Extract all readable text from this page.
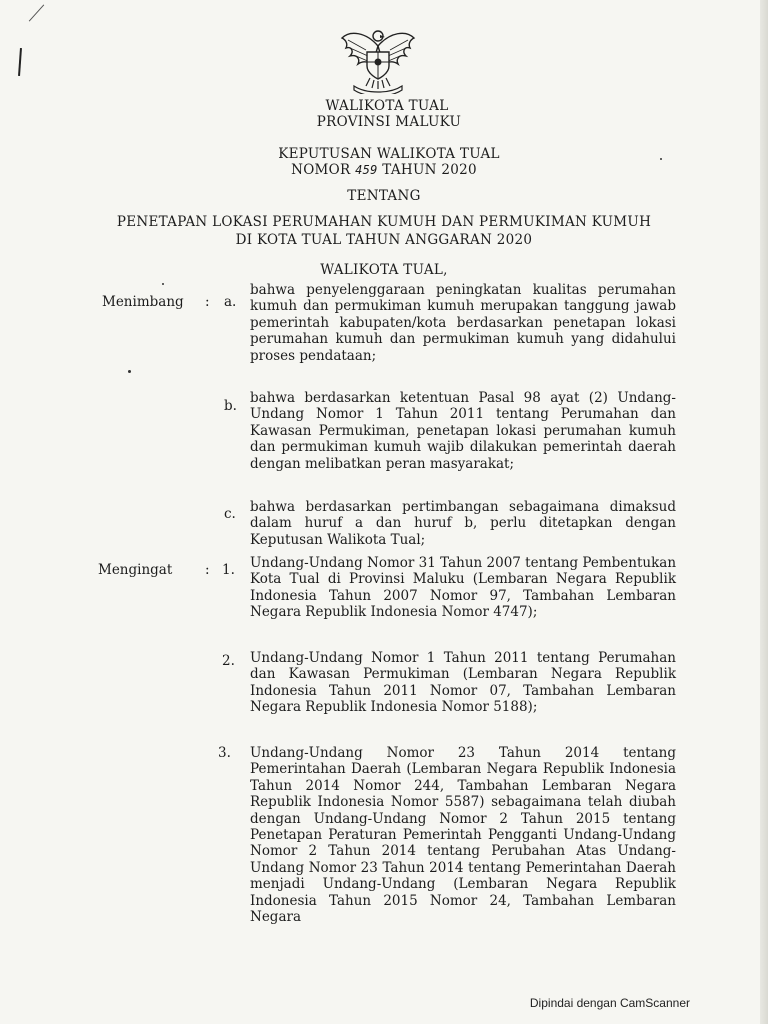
WALIKOTA TUAL
PROVINSI MALUKU
KEPUTUSAN WALIKOTA TUAL
NOMOR 459 TAHUN 2020
TENTANG
PENETAPAN LOKASI PERUMAHAN KUMUH DAN PERMUKIMAN KUMUH
DI KOTA TUAL TAHUN ANGGARAN 2020
WALIKOTA TUAL,
Menimbang : a.
bahwa penyelenggaraan peningkatan kualitas perumahan kumuh dan permukiman kumuh merupakan tanggung jawab pemerintah kabupaten/kota berdasarkan penetapan lokasi perumahan kumuh dan permukiman kumuh yang didahului proses pendataan;
b. bahwa berdasarkan ketentuan Pasal 98 ayat (2) Undang-Undang Nomor 1 Tahun 2011 tentang Perumahan dan Kawasan Permukiman, penetapan lokasi perumahan kumuh dan permukiman kumuh wajib dilakukan pemerintah daerah dengan melibatkan peran masyarakat;
c. bahwa berdasarkan pertimbangan sebagaimana dimaksud dalam huruf a dan huruf b, perlu ditetapkan dengan Keputusan Walikota Tual;
Mengingat : 1. Undang-Undang Nomor 31 Tahun 2007 tentang Pembentukan Kota Tual di Provinsi Maluku (Lembaran Negara Republik Indonesia Tahun 2007 Nomor 97, Tambahan Lembaran Negara Republik Indonesia Nomor 4747);
2. Undang-Undang Nomor 1 Tahun 2011 tentang Perumahan dan Kawasan Permukiman (Lembaran Negara Republik Indonesia Tahun 2011 Nomor 07, Tambahan Lembaran Negara Republik Indonesia Nomor 5188);
3. Undang-Undang Nomor 23 Tahun 2014 tentang Pemerintahan Daerah (Lembaran Negara Republik Indonesia Tahun 2014 Nomor 244, Tambahan Lembaran Negara Republik Indonesia Nomor 5587) sebagaimana telah diubah dengan Undang-Undang Nomor 2 Tahun 2015 tentang Penetapan Peraturan Pemerintah Pengganti Undang-Undang Nomor 2 Tahun 2014 tentang Perubahan Atas Undang-Undang Nomor 23 Tahun 2014 tentang Pemerintahan Daerah menjadi Undang-Undang (Lembaran Negara Republik Indonesia Tahun 2015 Nomor 24, Tambahan Lembaran Negara
Dipindai dengan CamScanner
